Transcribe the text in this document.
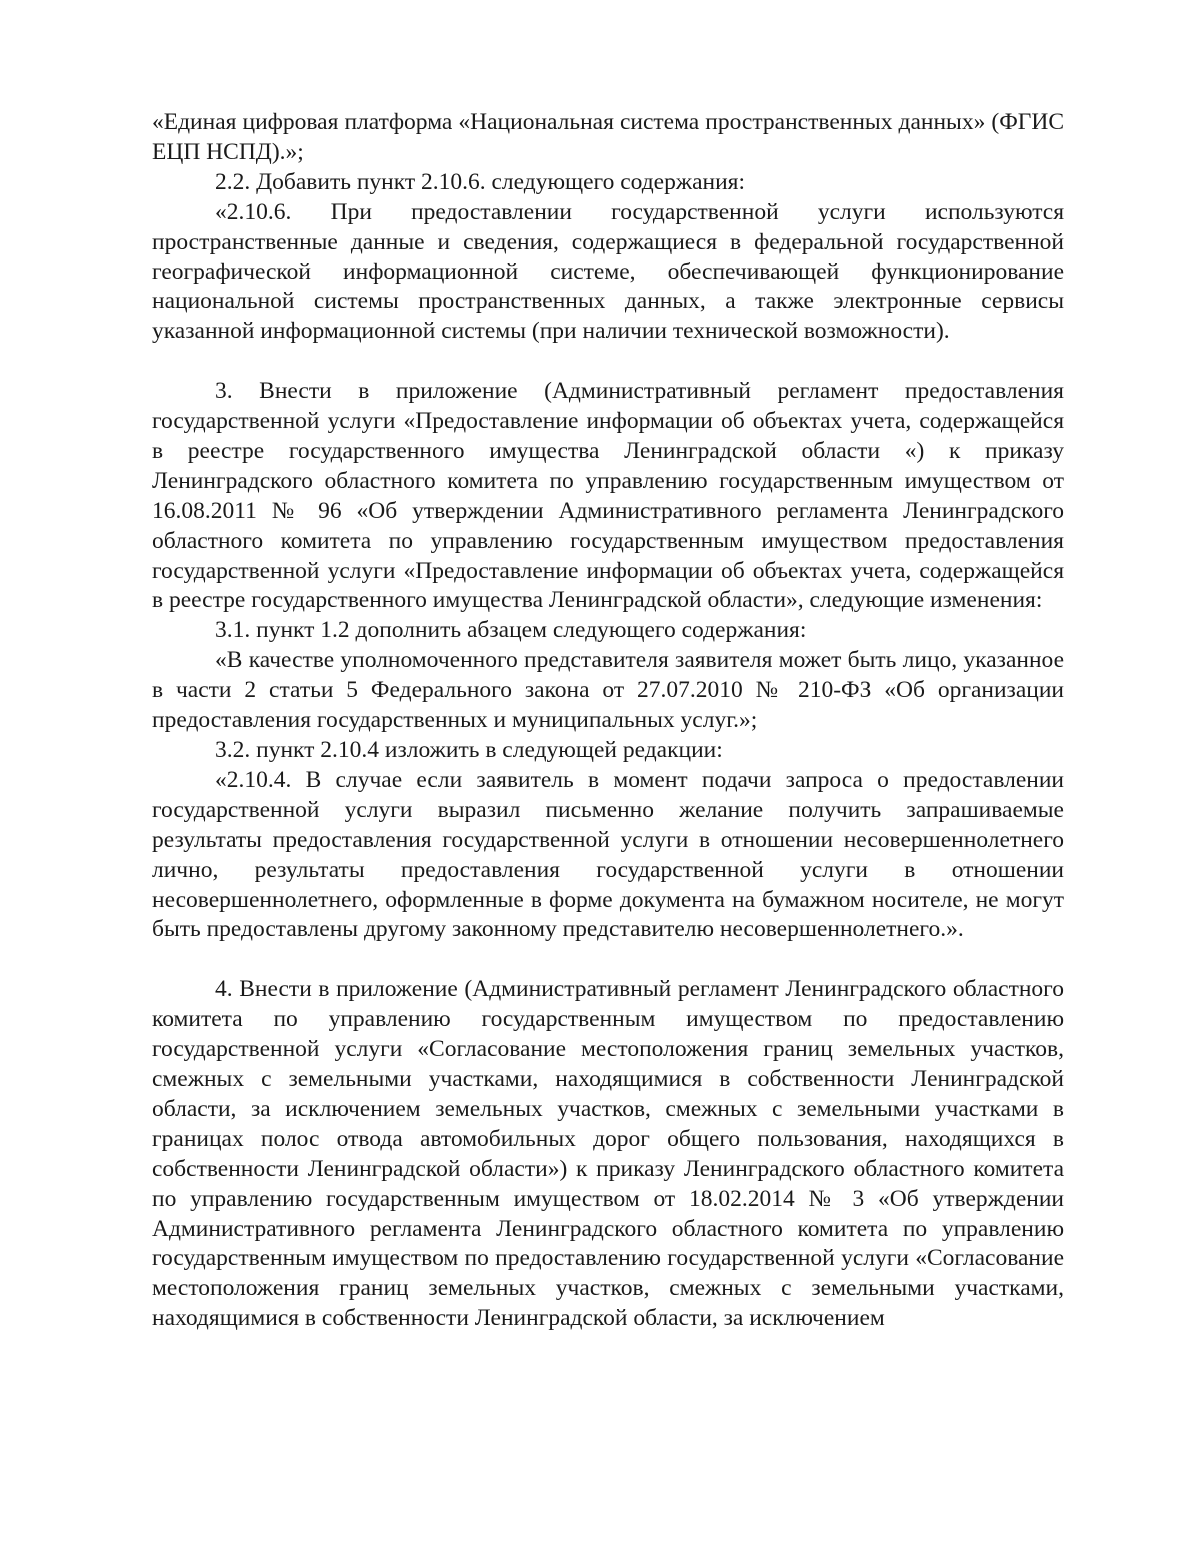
«Единая цифровая платформа «Национальная система пространственных данных» (ФГИС ЕЦП НСПД).»;

2.2. Добавить пункт 2.10.6. следующего содержания:

«2.10.6. При предоставлении государственной услуги используются пространственные данные и сведения, содержащиеся в федеральной государственной географической информационной системе, обеспечивающей функционирование национальной системы пространственных данных, а также электронные сервисы указанной информационной системы (при наличии технической возможности).

3. Внести в приложение (Административный регламент предоставления государственной услуги «Предоставление информации об объектах учета, содержащейся в реестре государственного имущества Ленинградской области «) к приказу Ленинградского областного комитета по управлению государственным имуществом от 16.08.2011 № 96 «Об утверждении Административного регламента Ленинградского областного комитета по управлению государственным имуществом предоставления государственной услуги «Предоставление информации об объектах учета, содержащейся в реестре государственного имущества Ленинградской области», следующие изменения:

3.1. пункт 1.2 дополнить абзацем следующего содержания:

«В качестве уполномоченного представителя заявителя может быть лицо, указанное в части 2 статьи 5 Федерального закона от 27.07.2010 № 210-ФЗ «Об организации предоставления государственных и муниципальных услуг.»;

3.2. пункт 2.10.4 изложить в следующей редакции:

«2.10.4. В случае если заявитель в момент подачи запроса о предоставлении государственной услуги выразил письменно желание получить запрашиваемые результаты предоставления государственной услуги в отношении несовершеннолетнего лично, результаты предоставления государственной услуги в отношении несовершеннолетнего, оформленные в форме документа на бумажном носителе, не могут быть предоставлены другому законному представителю несовершеннолетнего.».

4. Внести в приложение (Административный регламент Ленинградского областного комитета по управлению государственным имуществом по предоставлению государственной услуги «Согласование местоположения границ земельных участков, смежных с земельными участками, находящимися в собственности Ленинградской области, за исключением земельных участков, смежных с земельными участками в границах полос отвода автомобильных дорог общего пользования, находящихся в собственности Ленинградской области») к приказу Ленинградского областного комитета по управлению государственным имуществом от 18.02.2014 № 3 «Об утверждении Административного регламента Ленинградского областного комитета по управлению государственным имуществом по предоставлению государственной услуги «Согласование местоположения границ земельных участков, смежных с земельными участками, находящимися в собственности Ленинградской области, за исключением
